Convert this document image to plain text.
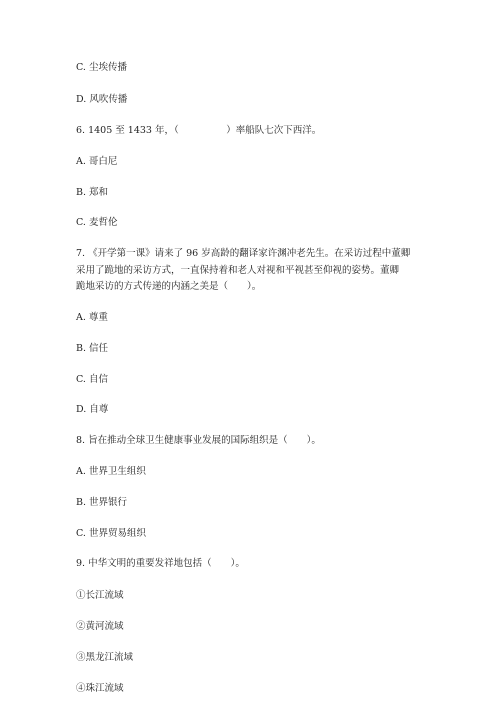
C. 尘埃传播
D. 风吹传播
6. 1405 至 1433 年，（　　　　　）率船队七次下西洋。
A. 哥白尼
B. 郑和
C. 麦哲伦
7. 《开学第一课》请来了 96 岁高龄的翻译家许渊冲老先生。在采访过程中董卿
采用了跪地的采访方式，一直保持着和老人对视和平视甚至仰视的姿势。董卿
跪地采访的方式传递的内涵之美是（　　）。
A. 尊重
B. 信任
C. 自信
D. 自尊
8. 旨在推动全球卫生健康事业发展的国际组织是（　　）。
A. 世界卫生组织
B. 世界银行
C. 世界贸易组织
9. 中华文明的重要发祥地包括（　　）。
①长江流域
②黄河流域
③黑龙江流域
④珠江流域
